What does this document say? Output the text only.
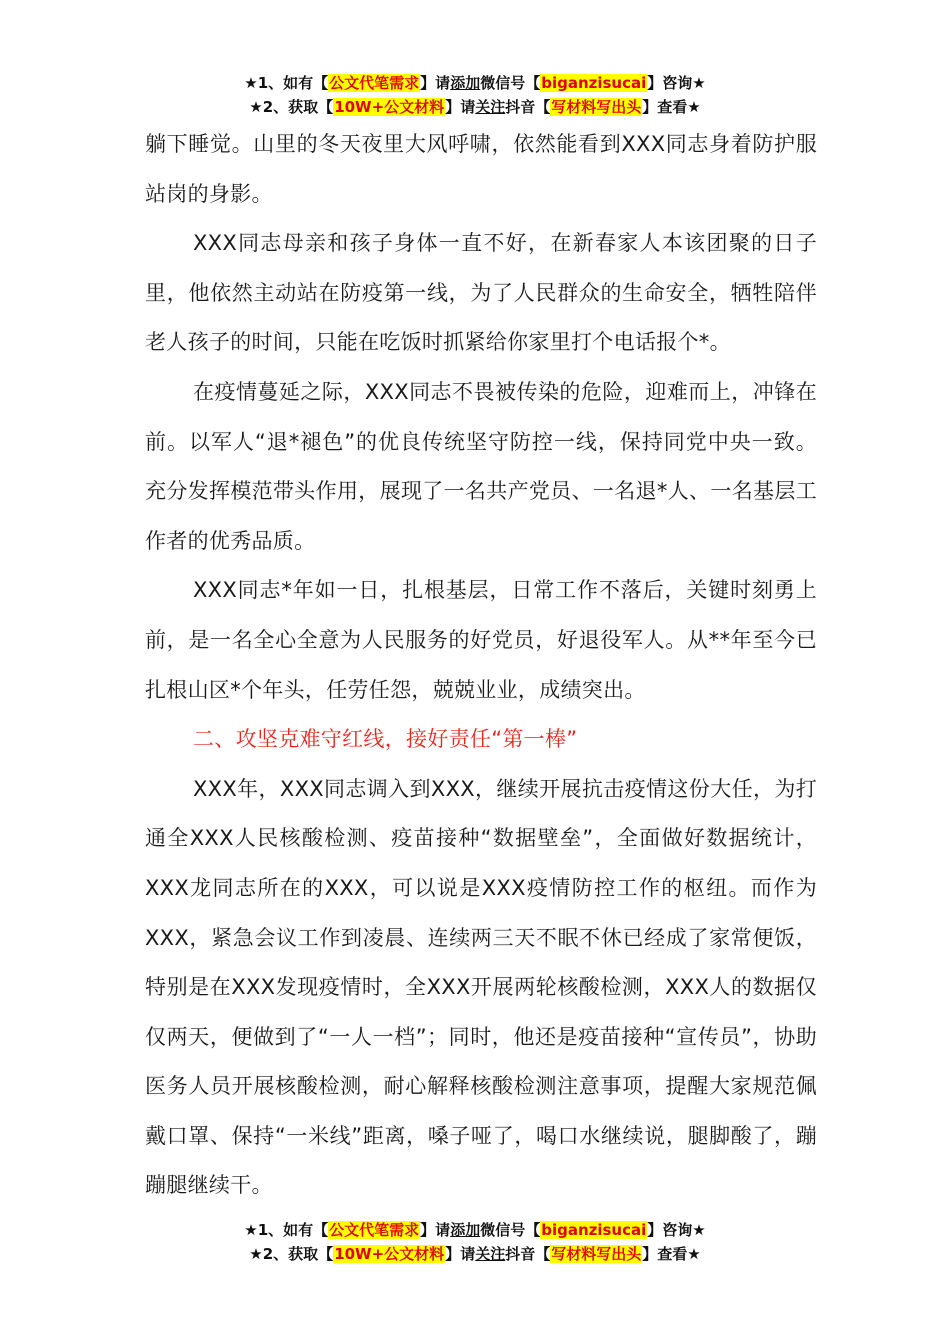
★1、如有【公文代笔需求】请添加微信号【biganzisucai】咨询★
★2、获取【10W+公文材料】请关注抖音【写材料写出头】查看★

躺下睡觉。山里的冬天夜里大风呼啸，依然能看到XXX同志身着防护服站岗的身影。

XXX同志母亲和孩子身体一直不好，在新春家人本该团聚的日子里，他依然主动站在防疫第一线，为了人民群众的生命安全，牺牲陪伴老人孩子的时间，只能在吃饭时抓紧给你家里打个电话报个*。

在疫情蔓延之际，XXX同志不畏被传染的危险，迎难而上，冲锋在前。以军人“退*褪色”的优良传统坚守防控一线，保持同党中央一致。充分发挥模范带头作用，展现了一名共产党员、一名退*人、一名基层工作者的优秀品质。

XXX同志*年如一日，扎根基层，日常工作不落后，关键时刻勇上前，是一名全心全意为人民服务的好党员，好退役军人。从**年至今已扎根山区*个年头，任劳任怨，兢兢业业，成绩突出。

二、攻坚克难守红线，接好责任“第一棒”

XXX年，XXX同志调入到XXX，继续开展抗击疫情这份大任，为打通全XXX人民核酸检测、疫苗接种“数据壁垒”，全面做好数据统计，XXX龙同志所在的XXX，可以说是XXX疫情防控工作的枢纽。而作为XXX，紧急会议工作到凌晨、连续两三天不眠不休已经成了家常便饭，特别是在XXX发现疫情时，全XXX开展两轮核酸检测，XXX人的数据仅仅两天，便做到了“一人一档”；同时，他还是疫苗接种“宣传员”，协助医务人员开展核酸检测，耐心解释核酸检测注意事项，提醒大家规范佩戴口罩、保持“一米线”距离，嗓子哑了，喝口水继续说，腿脚酸了，蹦蹦腿继续干。

★1、如有【公文代笔需求】请添加微信号【biganzisucai】咨询★
★2、获取【10W+公文材料】请关注抖音【写材料写出头】查看★
